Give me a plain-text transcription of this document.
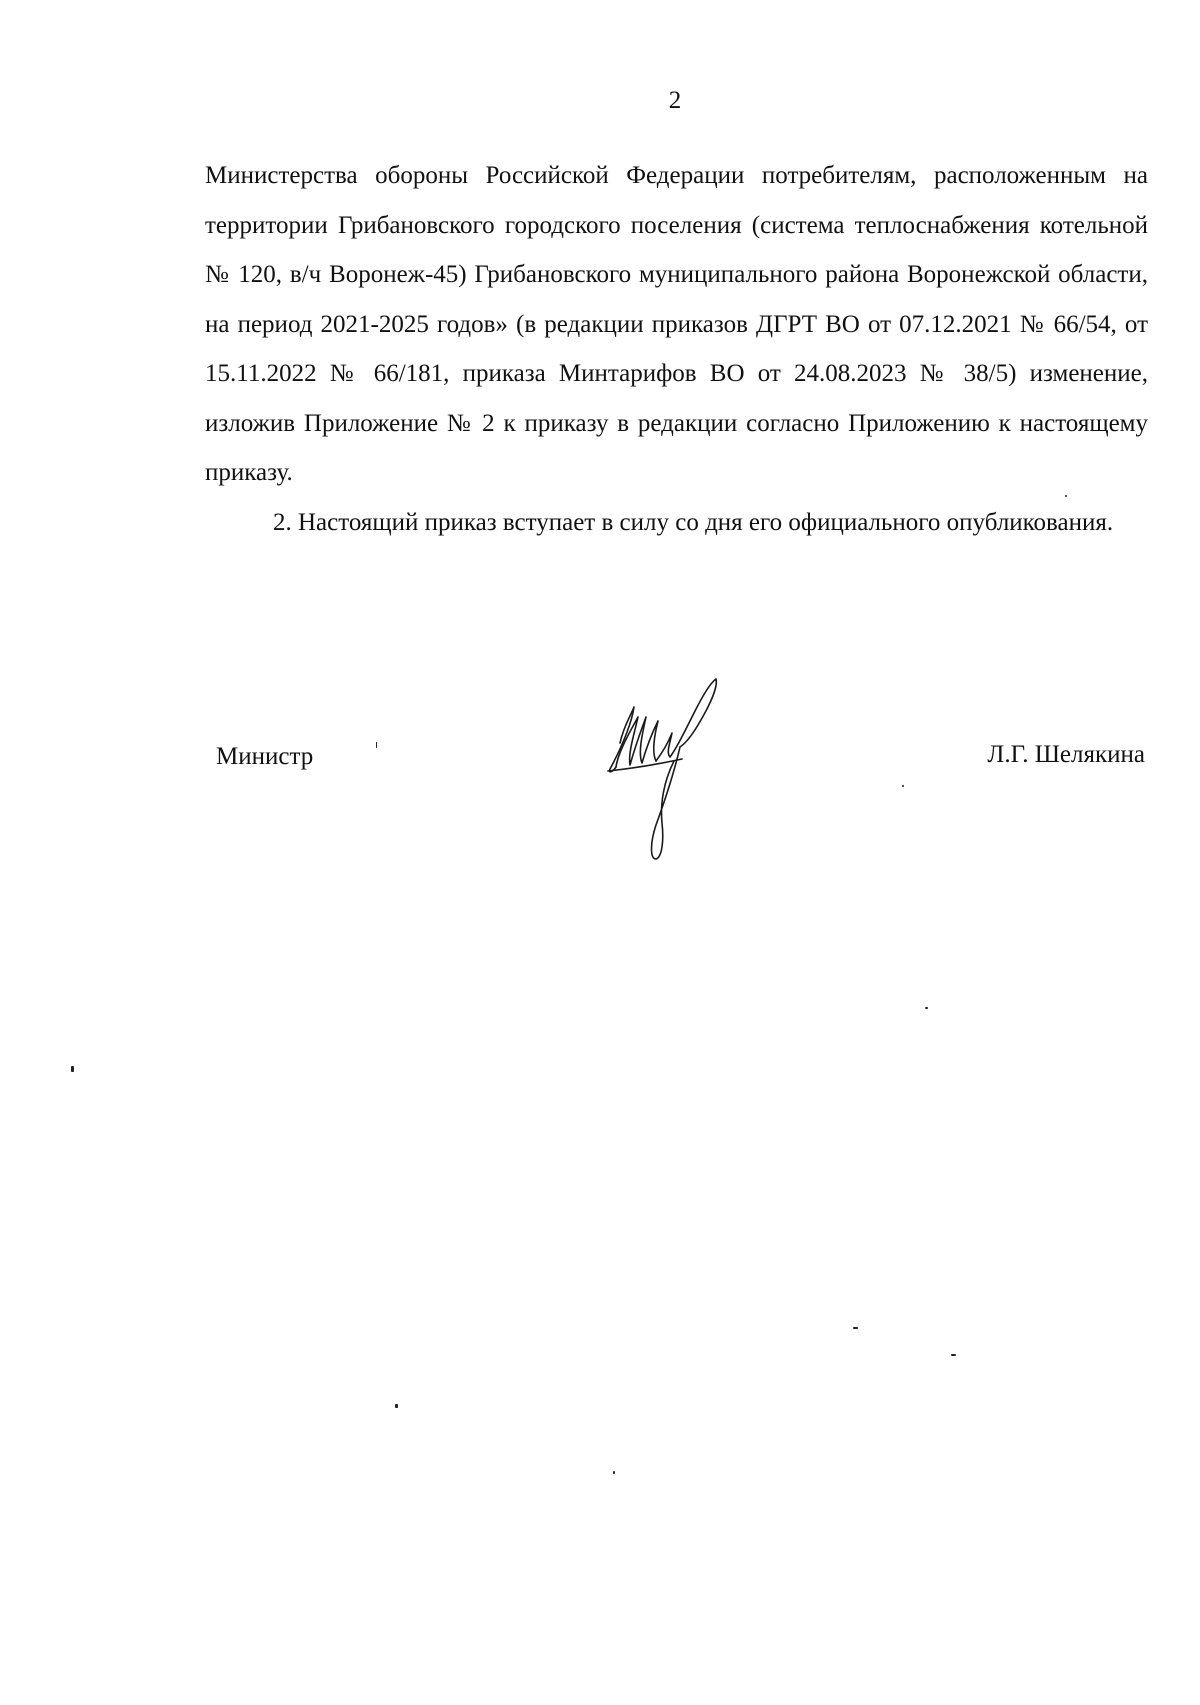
2

Министерства обороны Российской Федерации потребителям, расположенным на территории Грибановского городского поселения (система теплоснабжения котельной № 120, в/ч Воронеж-45) Грибановского муниципального района Воронежской области, на период 2021-2025 годов» (в редакции приказов ДГРТ ВО от 07.12.2021 № 66/54, от 15.11.2022 № 66/181, приказа Минтарифов ВО от 24.08.2023 № 38/5) изменение, изложив Приложение № 2 к приказу в редакции согласно Приложению к настоящему приказу.

2. Настоящий приказ вступает в силу со дня его официального опубликования.

Министр	Л.Г. Шелякина
